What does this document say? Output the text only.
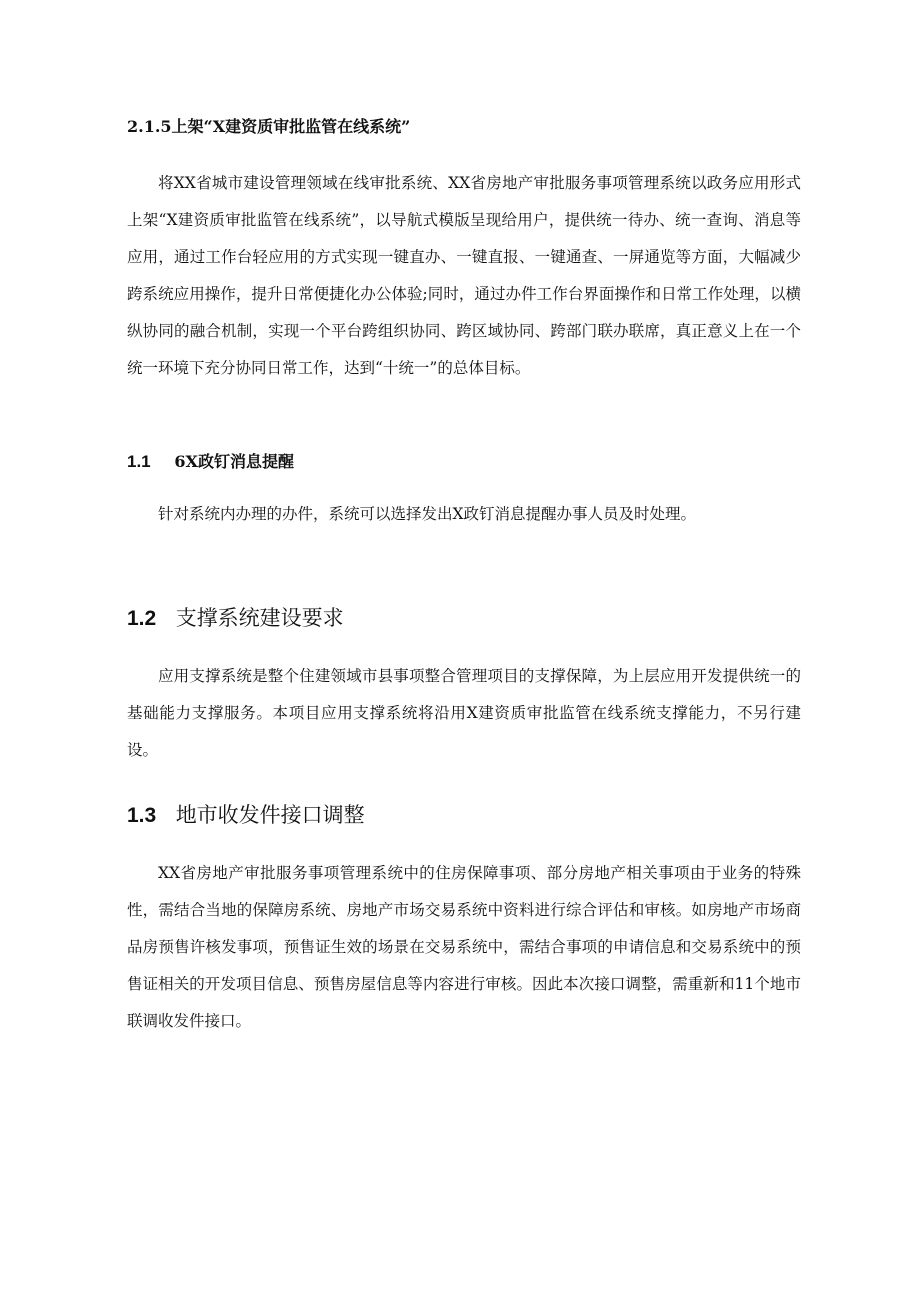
2.1.5上架“X建资质审批监管在线系统”

将XX省城市建设管理领域在线审批系统、XX省房地产审批服务事项管理系统以政务应用形式上架“X建资质审批监管在线系统”，以导航式模版呈现给用户，提供统一待办、统一查询、消息等应用，通过工作台轻应用的方式实现一键直办、一键直报、一键通查、一屏通览等方面，大幅减少跨系统应用操作，提升日常便捷化办公体验;同时，通过办件工作台界面操作和日常工作处理，以横纵协同的融合机制，实现一个平台跨组织协同、跨区域协同、跨部门联办联席，真正意义上在一个统一环境下充分协同日常工作，达到“十统一”的总体目标。

1.1 6X政钉消息提醒

针对系统内办理的办件，系统可以选择发出X政钉消息提醒办事人员及时处理。

1.2 支撑系统建设要求

应用支撑系统是整个住建领域市县事项整合管理项目的支撑保障，为上层应用开发提供统一的基础能力支撑服务。本项目应用支撑系统将沿用X建资质审批监管在线系统支撑能力，不另行建设。

1.3 地市收发件接口调整

XX省房地产审批服务事项管理系统中的住房保障事项、部分房地产相关事项由于业务的特殊性，需结合当地的保障房系统、房地产市场交易系统中资料进行综合评估和审核。如房地产市场商品房预售许核发事项，预售证生效的场景在交易系统中，需结合事项的申请信息和交易系统中的预售证相关的开发项目信息、预售房屋信息等内容进行审核。因此本次接口调整，需重新和11个地市联调收发件接口。
